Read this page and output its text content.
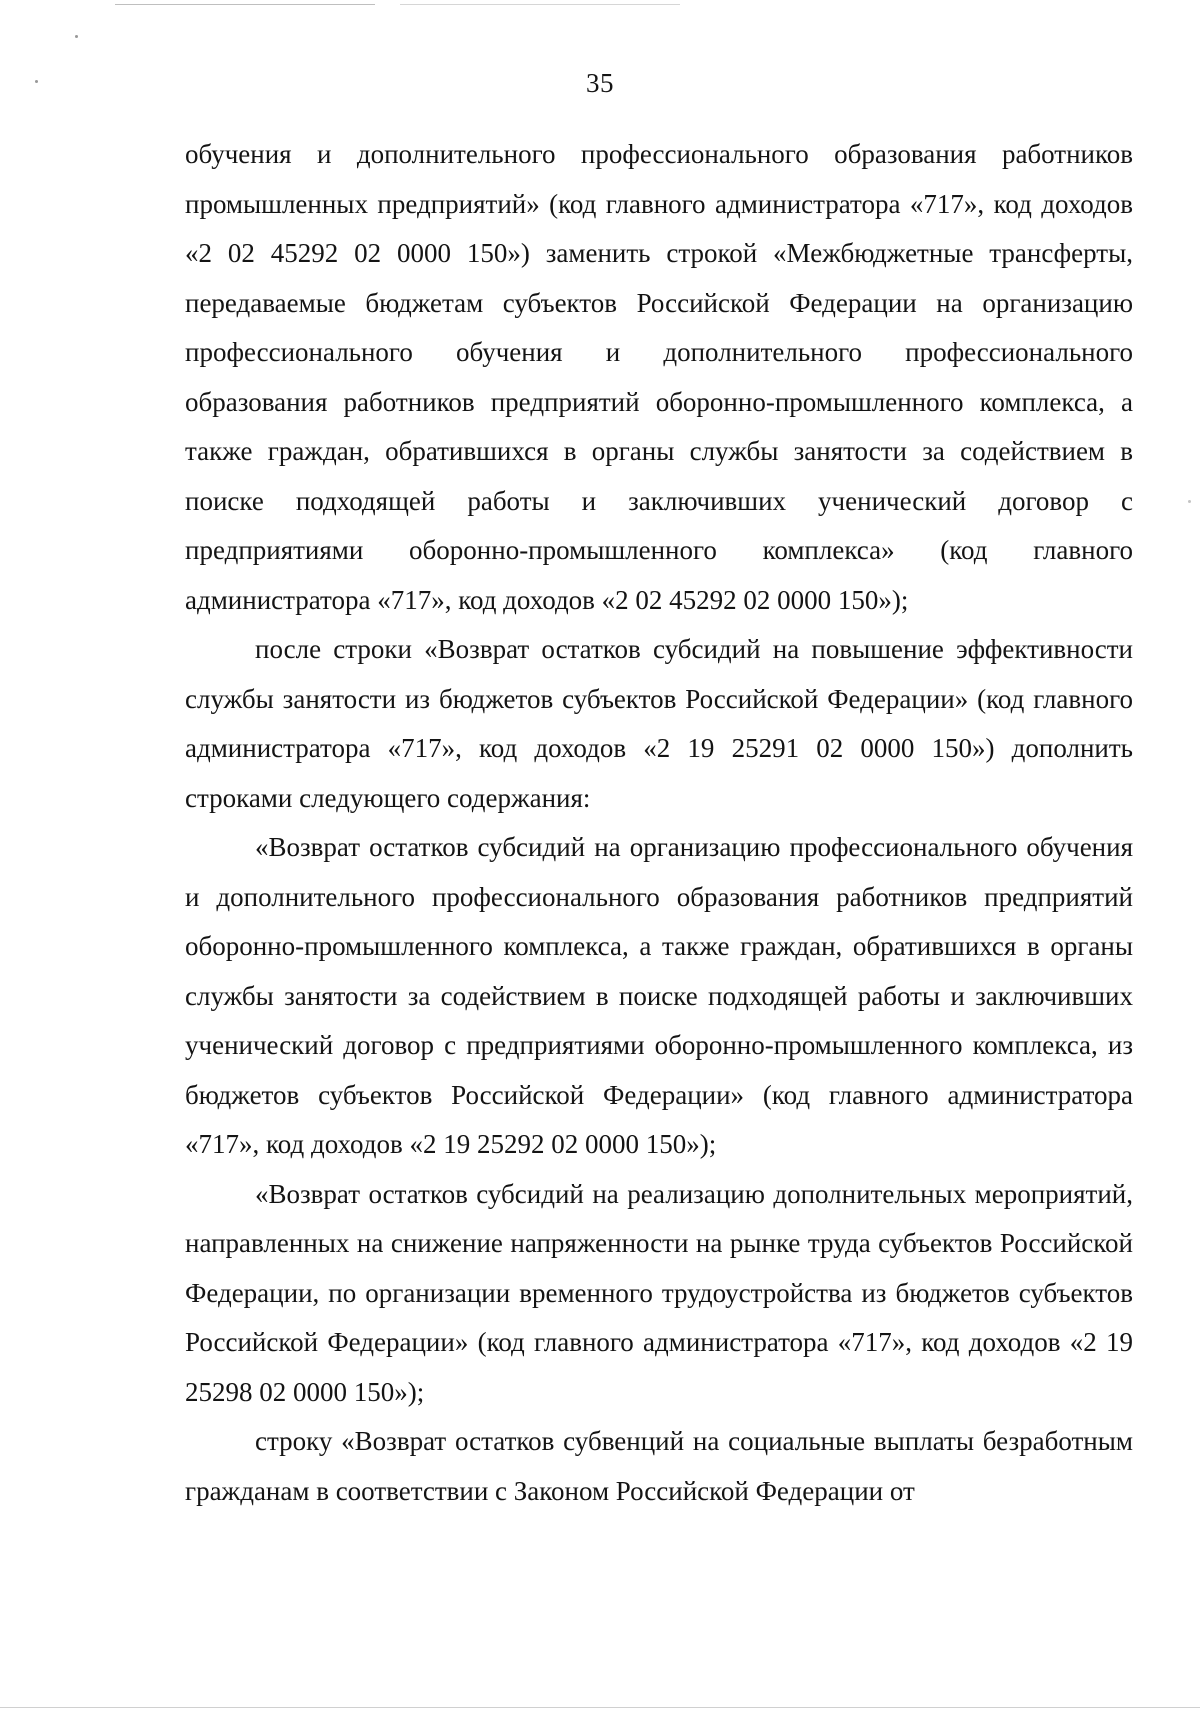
35

обучения и дополнительного профессионального образования работников промышленных предприятий» (код главного администратора «717», код доходов «2 02 45292 02 0000 150») заменить строкой «Межбюджетные трансферты, передаваемые бюджетам субъектов Российской Федерации на организацию профессионального обучения и дополнительного профессионального образования работников предприятий оборонно-промышленного комплекса, а также граждан, обратившихся в органы службы занятости за содействием в поиске подходящей работы и заключивших ученический договор с предприятиями оборонно-промышленного комплекса» (код главного администратора «717», код доходов «2 02 45292 02 0000 150»);

после строки «Возврат остатков субсидий на повышение эффективности службы занятости из бюджетов субъектов Российской Федерации» (код главного администратора «717», код доходов «2 19 25291 02 0000 150») дополнить строками следующего содержания:

«Возврат остатков субсидий на организацию профессионального обучения и дополнительного профессионального образования работников предприятий оборонно-промышленного комплекса, а также граждан, обратившихся в органы службы занятости за содействием в поиске подходящей работы и заключивших ученический договор с предприятиями оборонно-промышленного комплекса, из бюджетов субъектов Российской Федерации» (код главного администратора «717», код доходов «2 19 25292 02 0000 150»);

«Возврат остатков субсидий на реализацию дополнительных мероприятий, направленных на снижение напряженности на рынке труда субъектов Российской Федерации, по организации временного трудоустройства из бюджетов субъектов Российской Федерации» (код главного администратора «717», код доходов «2 19 25298 02 0000 150»);

строку «Возврат остатков субвенций на социальные выплаты безработным гражданам в соответствии с Законом Российской Федерации от
